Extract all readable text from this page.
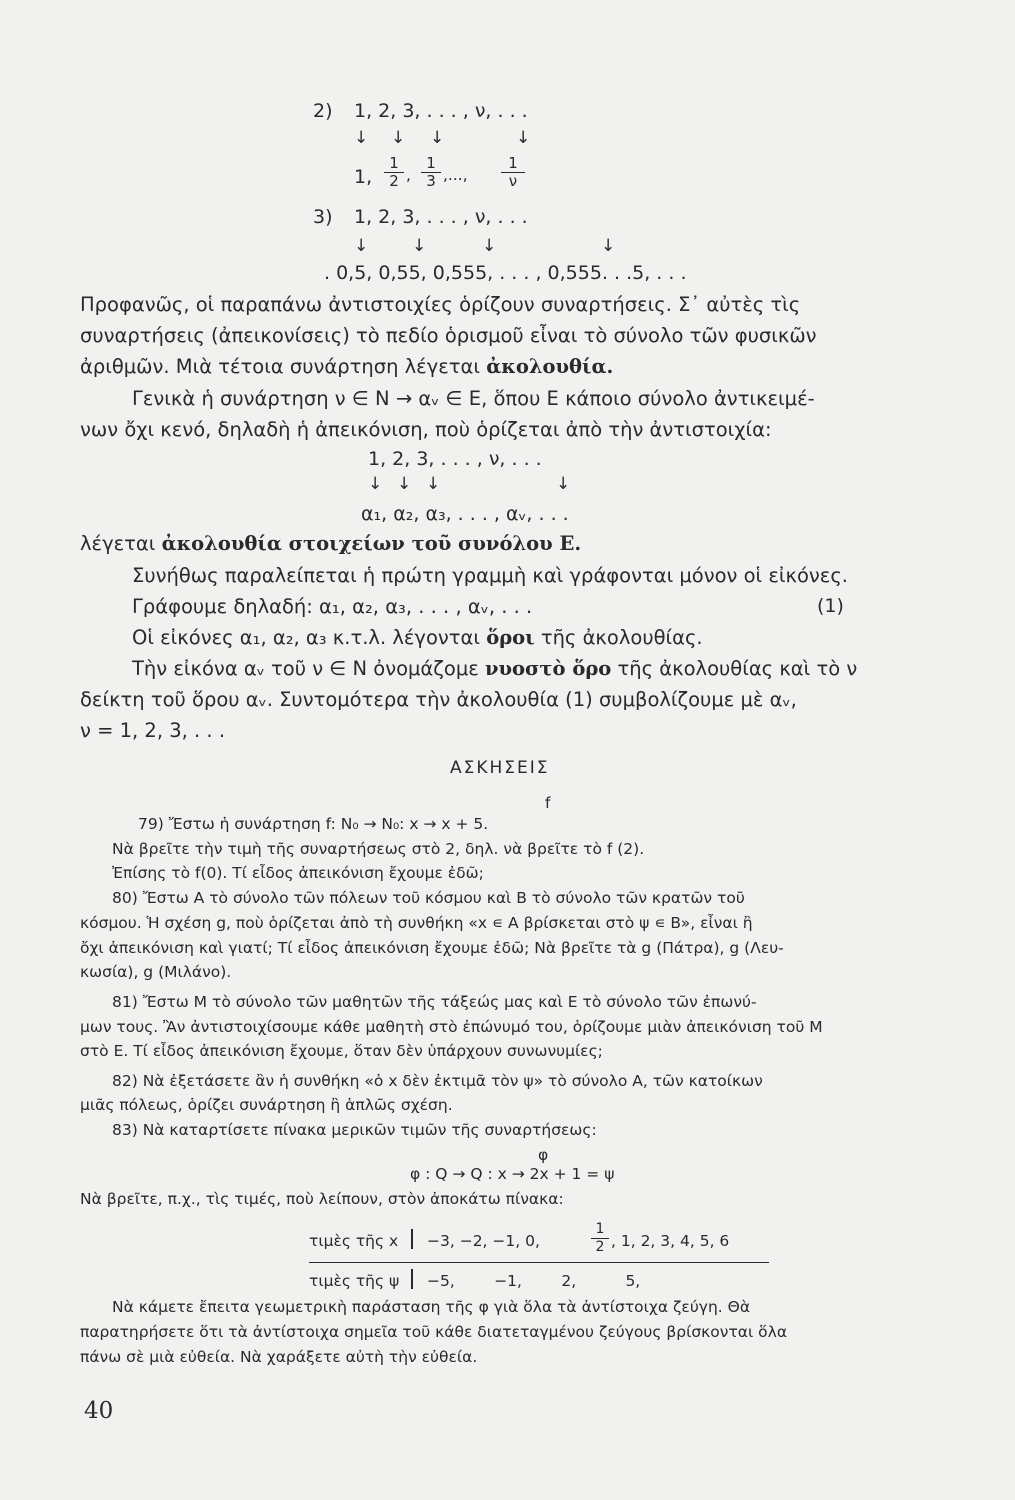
2) 1, 2, 3, . . . , ν, . . .
↓ ↓ ↓	↓
1,
1
2 ,
1
3 ,...,
1
ν
3) 1, 2, 3, . . . , ν, . . .
↓	↓	↓	↓
. 0,5, 0,55, 0,555, . . . , 0,555. . .5, . . .
Προφανῶς, οἱ παραπάνω ἀντιστοιχίες ὁρίζουν συναρτήσεις. Σ᾽ αὐτὲς τὶς
συναρτήσεις (ἀπεικονίσεις) τὸ πεδίο ὁρισμοῦ εἶναι τὸ σύνολο τῶν φυσικῶν
ἀριθμῶν. Μιὰ τέτοια συνάρτηση λέγεται ἀκολουθία.
Γενικὰ ἡ συνάρτηση ν ∈ N → αᵥ ∈ E, ὅπου E κάποιο σύνολο ἀντικειμέ-
νων ὄχι κενό, δηλαδὴ ἡ ἀπεικόνιση, ποὺ ὁρίζεται ἀπὸ τὴν ἀντιστοιχία:
1, 2, 3, . . . , ν, . . .
↓ ↓ ↓	↓
α₁, α₂, α₃, . . . , αᵥ, . . .
λέγεται ἀκολουθία στοιχείων τοῦ συνόλου E.
Συνήθως παραλείπεται ἡ πρώτη γραμμὴ καὶ γράφονται μόνον οἱ εἰκόνες.
Γράφουμε δηλαδή: α₁, α₂, α₃, . . . , αᵥ, . . .	(1)
Οἱ εἰκόνες α₁, α₂, α₃ κ.τ.λ. λέγονται ὅροι τῆς ἀκολουθίας.
Τὴν εἰκόνα αᵥ τοῦ ν ∈ N ὀνομάζομε νυοστὸ ὅρο τῆς ἀκολουθίας καὶ τὸ ν
δείκτη τοῦ ὅρου αᵥ. Συντομότερα τὴν ἀκολουθία (1) συμβολίζουμε μὲ αᵥ,
ν = 1, 2, 3, . . .
ΑΣΚΗΣΕΙΣ
f
79) Ἔστω ἡ συνάρτηση f: N₀ → N₀: x → x + 5.
Νὰ βρεῖτε τὴν τιμὴ τῆς συναρτήσεως στὸ 2, δηλ. νὰ βρεῖτε τὸ f (2).
Ἐπίσης τὸ f(0). Τί εἶδος ἀπεικόνιση ἔχουμε ἐδῶ;
80) Ἔστω A τὸ σύνολο τῶν πόλεων τοῦ κόσμου καὶ B τὸ σύνολο τῶν κρατῶν τοῦ
κόσμου. Ἡ σχέση g, ποὺ ὁρίζεται ἀπὸ τὴ συνθήκη «x ∊ A βρίσκεται στὸ ψ ∊ B», εἶναι ἢ
ὄχι ἀπεικόνιση καὶ γιατί; Τί εἶδος ἀπεικόνιση ἔχουμε ἐδῶ; Νὰ βρεῖτε τὰ g (Πάτρα), g (Λευ-
κωσία), g (Μιλάνο).
81) Ἔστω M τὸ σύνολο τῶν μαθητῶν τῆς τάξεώς μας καὶ E τὸ σύνολο τῶν ἐπωνύ-
μων τους. Ἂν ἀντιστοιχίσουμε κάθε μαθητὴ στὸ ἐπώνυμό του, ὁρίζουμε μιὰν ἀπεικόνιση τοῦ M
στὸ E. Τί εἶδος ἀπεικόνιση ἔχουμε, ὅταν δὲν ὑπάρχουν συνωνυμίες;
82) Νὰ ἐξετάσετε ἂν ἡ συνθήκη «ὁ x δὲν ἐκτιμᾶ τὸν ψ» τὸ σύνολο A, τῶν κατοίκων
μιᾶς πόλεως, ὁρίζει συνάρτηση ἢ ἁπλῶς σχέση.
83) Νὰ καταρτίσετε πίνακα μερικῶν τιμῶν τῆς συναρτήσεως:
φ
φ : Q → Q : x → 2x + 1 = ψ
Νὰ βρεῖτε, π.χ., τὶς τιμές, ποὺ λείπουν, στὸν ἀποκάτω πίνακα:
τιμὲς τῆς x −3, −2, −1, 0,
1
2 , 1, 2, 3, 4, 5, 6
τιμὲς τῆς ψ −5,        −1,        2,          5,
Νὰ κάμετε ἔπειτα γεωμετρικὴ παράσταση τῆς φ γιὰ ὅλα τὰ ἀντίστοιχα ζεύγη. Θὰ
παρατηρήσετε ὅτι τὰ ἀντίστοιχα σημεῖα τοῦ κάθε διατεταγμένου ζεύγους βρίσκονται ὅλα
πάνω σὲ μιὰ εὐθεία. Νὰ χαράξετε αὐτὴ τὴν εὐθεία.
40
